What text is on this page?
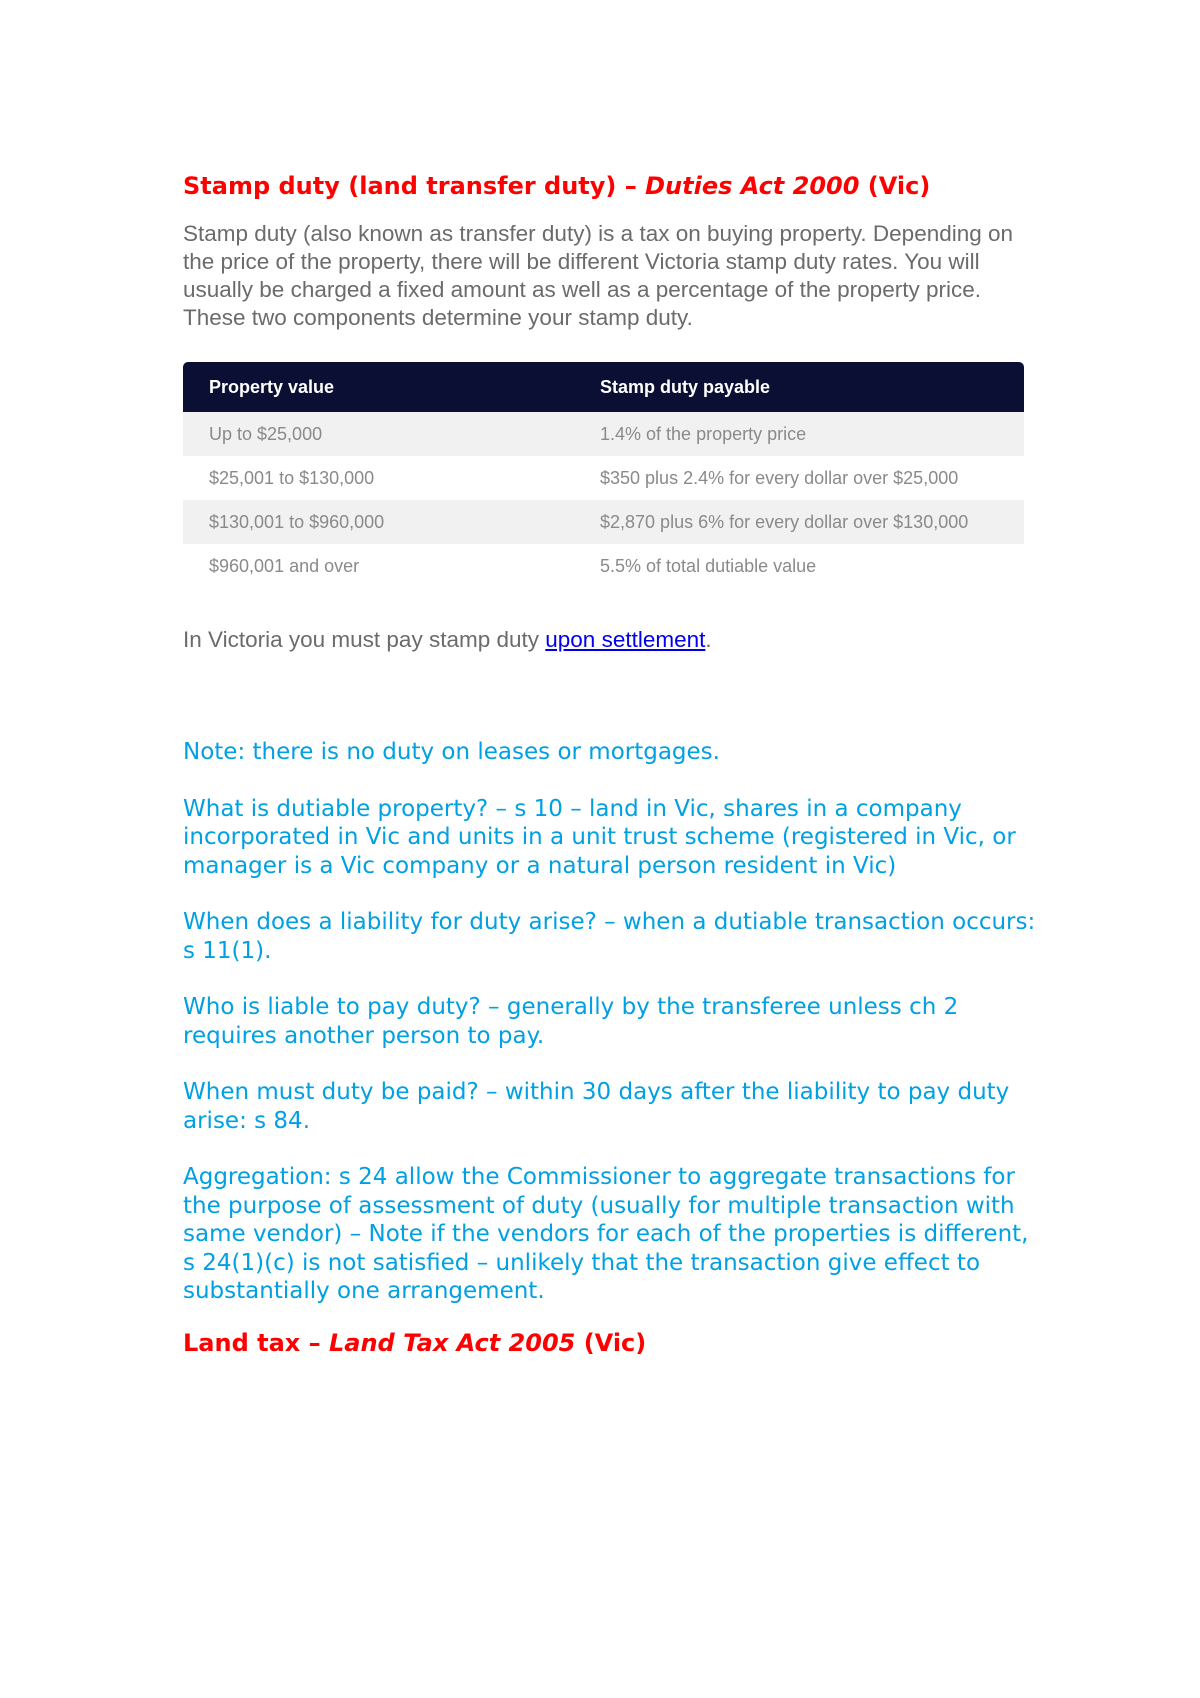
Stamp duty (land transfer duty) – Duties Act 2000 (Vic)

Stamp duty (also known as transfer duty) is a tax on buying property. Depending on the price of the property, there will be different Victoria stamp duty rates. You will usually be charged a fixed amount as well as a percentage of the property price. These two components determine your stamp duty.

Property value	Stamp duty payable
Up to $25,000	1.4% of the property price
$25,001 to $130,000	$350 plus 2.4% for every dollar over $25,000
$130,001 to $960,000	$2,870 plus 6% for every dollar over $130,000
$960,001 and over	5.5% of total dutiable value

In Victoria you must pay stamp duty upon settlement.

Note: there is no duty on leases or mortgages.

What is dutiable property? – s 10 – land in Vic, shares in a company incorporated in Vic and units in a unit trust scheme (registered in Vic, or manager is a Vic company or a natural person resident in Vic)

When does a liability for duty arise? – when a dutiable transaction occurs: s 11(1).

Who is liable to pay duty? – generally by the transferee unless ch 2 requires another person to pay.

When must duty be paid? – within 30 days after the liability to pay duty arise: s 84.

Aggregation: s 24 allow the Commissioner to aggregate transactions for the purpose of assessment of duty (usually for multiple transaction with same vendor) – Note if the vendors for each of the properties is different, s 24(1)(c) is not satisfied – unlikely that the transaction give effect to substantially one arrangement.

Land tax – Land Tax Act 2005 (Vic)
